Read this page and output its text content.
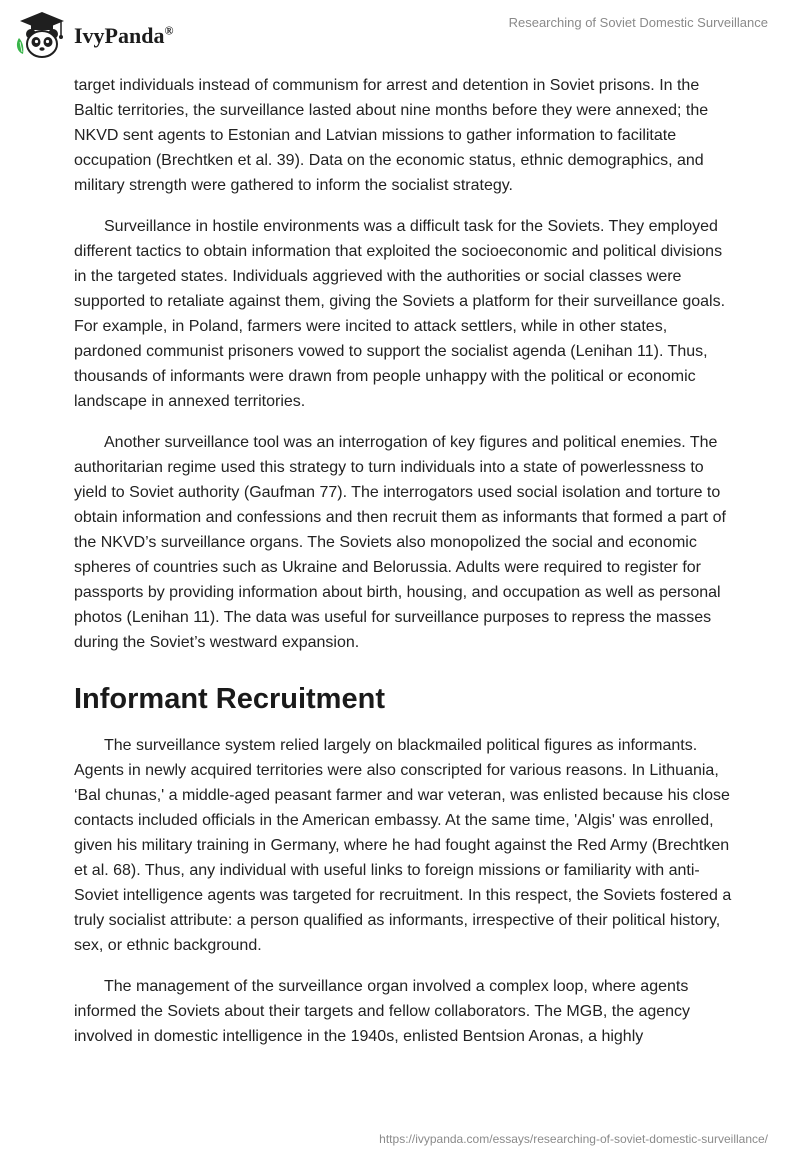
IvyPanda®
Researching of Soviet Domestic Surveillance

target individuals instead of communism for arrest and detention in Soviet prisons. In the Baltic territories, the surveillance lasted about nine months before they were annexed; the NKVD sent agents to Estonian and Latvian missions to gather information to facilitate occupation (Brechtken et al. 39). Data on the economic status, ethnic demographics, and military strength were gathered to inform the socialist strategy.

Surveillance in hostile environments was a difficult task for the Soviets. They employed different tactics to obtain information that exploited the socioeconomic and political divisions in the targeted states. Individuals aggrieved with the authorities or social classes were supported to retaliate against them, giving the Soviets a platform for their surveillance goals. For example, in Poland, farmers were incited to attack settlers, while in other states, pardoned communist prisoners vowed to support the socialist agenda (Lenihan 11). Thus, thousands of informants were drawn from people unhappy with the political or economic landscape in annexed territories.

Another surveillance tool was an interrogation of key figures and political enemies. The authoritarian regime used this strategy to turn individuals into a state of powerlessness to yield to Soviet authority (Gaufman 77). The interrogators used social isolation and torture to obtain information and confessions and then recruit them as informants that formed a part of the NKVD’s surveillance organs. The Soviets also monopolized the social and economic spheres of countries such as Ukraine and Belorussia. Adults were required to register for passports by providing information about birth, housing, and occupation as well as personal photos (Lenihan 11). The data was useful for surveillance purposes to repress the masses during the Soviet’s westward expansion.

Informant Recruitment

The surveillance system relied largely on blackmailed political figures as informants. Agents in newly acquired territories were also conscripted for various reasons. In Lithuania, ‘Bal chunas,' a middle-aged peasant farmer and war veteran, was enlisted because his close contacts included officials in the American embassy. At the same time, 'Algis' was enrolled, given his military training in Germany, where he had fought against the Red Army (Brechtken et al. 68). Thus, any individual with useful links to foreign missions or familiarity with anti-Soviet intelligence agents was targeted for recruitment. In this respect, the Soviets fostered a truly socialist attribute: a person qualified as informants, irrespective of their political history, sex, or ethnic background.

The management of the surveillance organ involved a complex loop, where agents informed the Soviets about their targets and fellow collaborators. The MGB, the agency involved in domestic intelligence in the 1940s, enlisted Bentsion Aronas, a highly

https://ivypanda.com/essays/researching-of-soviet-domestic-surveillance/
